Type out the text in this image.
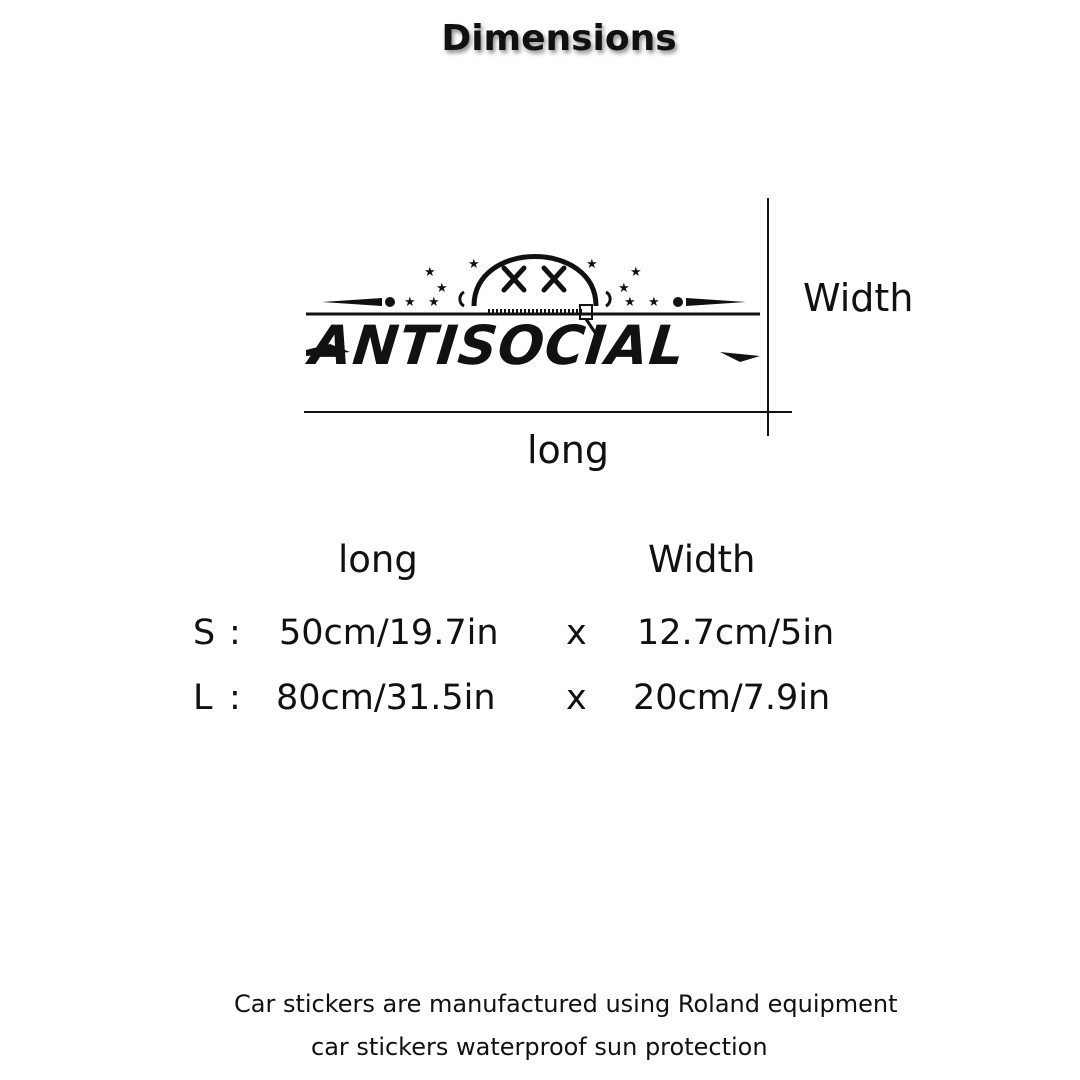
Dimensions
★
★
★
★ ★
★
★
★
★
★
ANTISOCIAL
Width
long
long	Width
S : 50cm/19.7in x 12.7cm/5in
L : 80cm/31.5in x 20cm/7.9in
Car stickers are manufactured using Roland equipment
car stickers waterproof sun protection
